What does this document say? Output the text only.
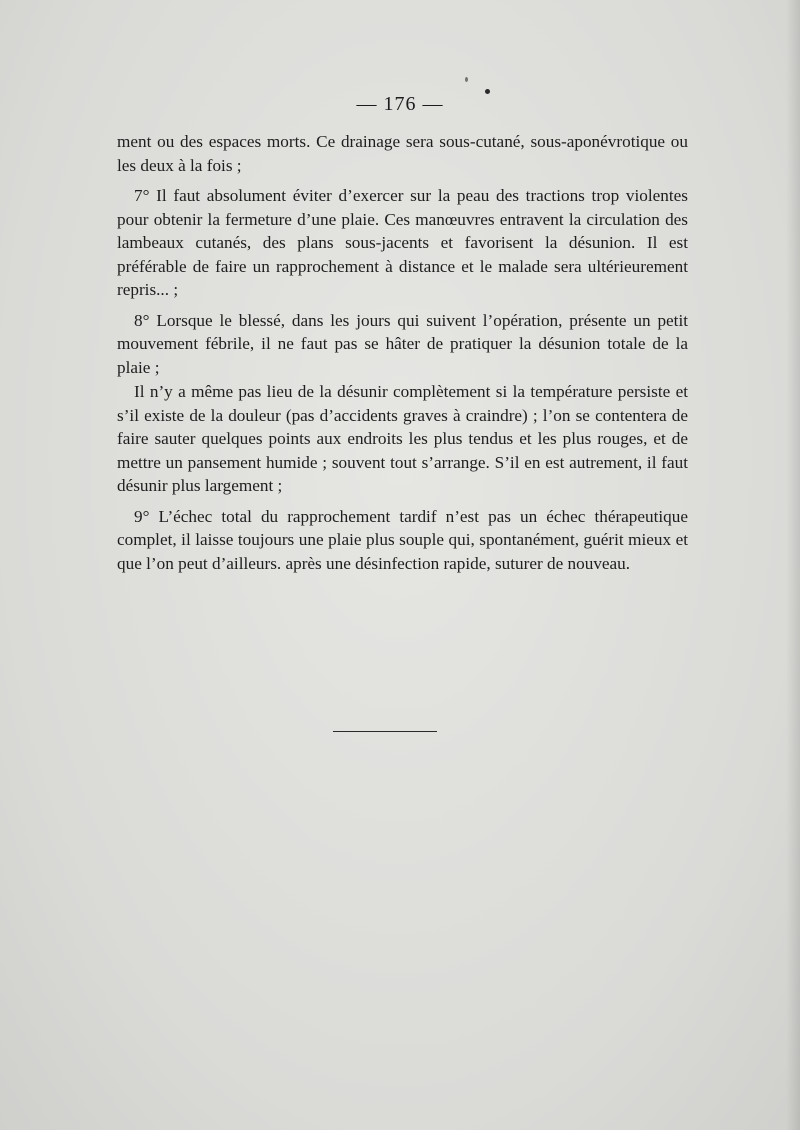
— 176 —

ment ou des espaces morts. Ce drainage sera sous-cutané, sous-aponévrotique ou les deux à la fois ;

7° Il faut absolument éviter d’exercer sur la peau des tractions trop violentes pour obtenir la fermeture d’une plaie. Ces manœuvres entravent la circulation des lambeaux cutanés, des plans sous-jacents et favorisent la désunion. Il est préférable de faire un rapprochement à distance et le malade sera ultérieurement repris... ;

8° Lorsque le blessé, dans les jours qui suivent l’opération, présente un petit mouvement fébrile, il ne faut pas se hâter de pratiquer la désunion totale de la plaie ;

Il n’y a même pas lieu de la désunir complètement si la température persiste et s’il existe de la douleur (pas d’accidents graves à craindre) ; l’on se contentera de faire sauter quelques points aux endroits les plus tendus et les plus rouges, et de mettre un pansement humide ; souvent tout s’arrange. S’il en est autrement, il faut désunir plus largement ;

9° L’échec total du rapprochement tardif n’est pas un échec thérapeutique complet, il laisse toujours une plaie plus souple qui, spontanément, guérit mieux et que l’on peut d’ailleurs. après une désinfection rapide, suturer de nouveau.
